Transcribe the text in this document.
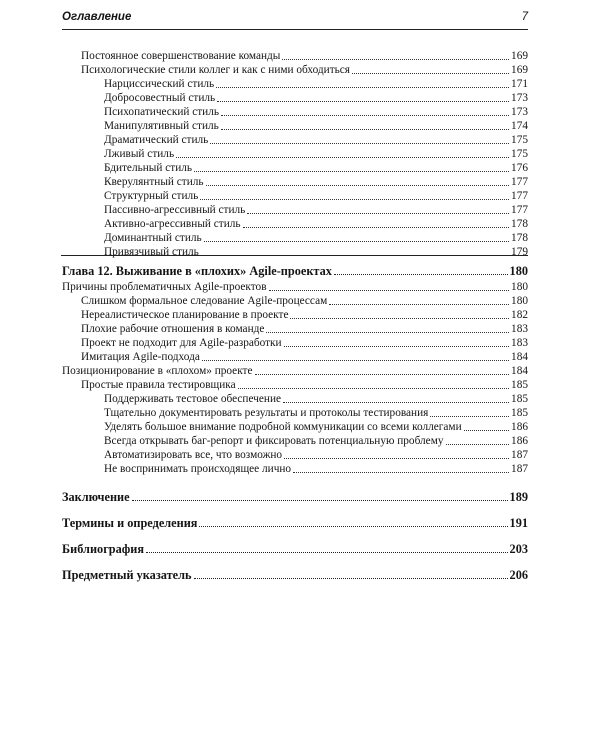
Оглавление	7
Постоянное совершенствование команды	169
Психологические стили коллег и как с ними обходиться	169
Нарциссический стиль	171
Добросовестный стиль	173
Психопатический стиль	173
Манипулятивный стиль	174
Драматический стиль	175
Лживый стиль	175
Бдительный стиль	176
Кверулянтный стиль	177
Структурный стиль	177
Пассивно-агрессивный стиль	177
Активно-агрессивный стиль	178
Доминантный стиль	178
Привязчивый стиль	179
Глава 12. Выживание в «плохих» Agile-проектах	180
Причины проблематичных Agile-проектов	180
Слишком формальное следование Agile-процессам	180
Нереалистическое планирование в проекте	182
Плохие рабочие отношения в команде	183
Проект не подходит для Agile-разработки	183
Имитация Agile-подхода	184
Позиционирование в «плохом» проекте	184
Простые правила тестировщика	185
Поддерживать тестовое обеспечение	185
Тщательно документировать результаты и протоколы тестирования	185
Уделять большое внимание подробной коммуникации со всеми коллегами	186
Всегда открывать баг-репорт и фиксировать потенциальную проблему	186
Автоматизировать все, что возможно	187
Не воспринимать происходящее лично	187
Заключение	189
Термины и определения	191
Библиография	203
Предметный указатель	206
